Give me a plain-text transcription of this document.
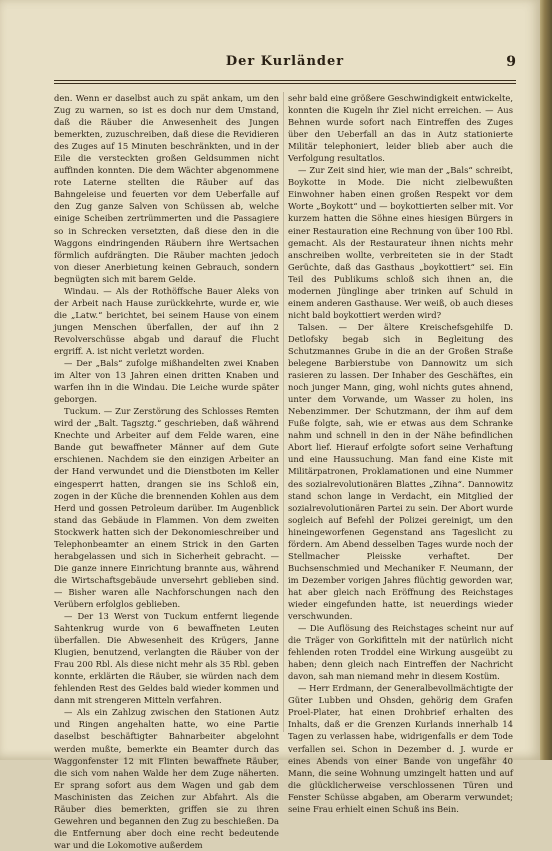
Der Kurländer	9

den. Wenn er daselbst auch zu spät ankam, um den Zug zu warnen, so ist es doch nur dem Umstand, daß die Räuber die Anwesenheit des Jungen bemerkten, zuzuschreiben, daß diese die Revidieren des Zuges auf 15 Minuten beschränkten, und in der Eile die versteckten großen Geldsummen nicht auffinden konnten. Die dem Wächter abgenommene rote Laterne stellten die Räuber auf das Bahngeleise und feuerten vor dem Ueberfalle auf den Zug ganze Salven von Schüssen ab, welche einige Scheiben zertrümmerten und die Passagiere so in Schrecken versetzten, daß diese den in die Waggons eindringenden Räubern ihre Wertsachen förmlich aufdrängten. Die Räuber machten jedoch von dieser Anerbietung keinen Gebrauch, sondern begnügten sich mit barem Gelde.

Windau. — Als der Rothöffsche Bauer Aleks von der Arbeit nach Hause zurückkehrte, wurde er, wie die „Latw.“ berichtet, bei seinem Hause von einem jungen Menschen überfallen, der auf ihn 2 Revolverschüsse abgab und darauf die Flucht ergriff. A. ist nicht verletzt worden.

— Der „Bals“ zufolge mißhandelten zwei Knaben im Alter von 13 Jahren einen dritten Knaben und warfen ihn in die Windau. Die Leiche wurde später geborgen.

Tuckum. — Zur Zerstörung des Schlosses Remten wird der „Balt. Tagsztg.“ geschrieben, daß während Knechte und Arbeiter auf dem Felde waren, eine Bande gut bewaffneter Männer auf dem Gute erschienen. Nachdem sie den einzigen Arbeiter an der Hand verwundet und die Dienstboten im Keller eingesperrt hatten, drangen sie ins Schloß ein, zogen in der Küche die brennenden Kohlen aus dem Herd und gossen Petroleum darüber. Im Augenblick stand das Gebäude in Flammen. Von dem zweiten Stockwerk hatten sich der Dekonomieschreiber und Telephonbeamter an einem Strick in den Garten herabgelassen und sich in Sicherheit gebracht. — Die ganze innere Einrichtung brannte aus, während die Wirtschaftsgebäude unversehrt geblieben sind. — Bisher waren alle Nachforschungen nach den Verübern erfolglos geblieben.

— Der 13 Werst von Tuckum entfernt liegende Sahtenkrug wurde von 6 bewaffneten Leuten überfallen. Die Abwesenheit des Krügers, Janne Klugien, benutzend, verlangten die Räuber von der Frau 200 Rbl. Als diese nicht mehr als 35 Rbl. geben konnte, erklärten die Räuber, sie würden nach dem fehlenden Rest des Geldes bald wieder kommen und dann mit strengeren Mitteln verfahren.

— Als ein Zahlzug zwischen den Stationen Autz und Ringen angehalten hatte, wo eine Partie daselbst beschäftigter Bahnarbeiter abgelohnt werden mußte, bemerkte ein Beamter durch das Waggonfenster 12 mit Flinten bewaffnete Räuber, die sich vom nahen Walde her dem Zuge näherten. Er sprang sofort aus dem Wagen und gab dem Maschinisten das Zeichen zur Abfahrt. Als die Räuber dies bemerkten, griffen sie zu ihren Gewehren und begannen den Zug zu beschießen. Da die Entfernung aber doch eine recht bedeutende war und die Lokomotive außerdem

sehr bald eine größere Geschwindigkeit entwickelte, konnten die Kugeln ihr Ziel nicht erreichen. — Aus Behnen wurde sofort nach Eintreffen des Zuges über den Ueberfall an das in Autz stationierte Militär telephoniert, leider blieb aber auch die Verfolgung resultatlos.

— Zur Zeit sind hier, wie man der „Bals“ schreibt, Boykotte in Mode. Die nicht zielbewußten Einwohner haben einen großen Respekt vor dem Worte „Boykott“ und — boykottierten selber mit. Vor kurzem hatten die Söhne eines hiesigen Bürgers in einer Restauration eine Rechnung von über 100 Rbl. gemacht. Als der Restaurateur ihnen nichts mehr anschreiben wollte, verbreiteten sie in der Stadt Gerüchte, daß das Gasthaus „boykottiert“ sei. Ein Teil des Publikums schloß sich ihnen an, die modernen Jünglinge aber trinken auf Schuld in einem anderen Gasthause. Wer weiß, ob auch dieses nicht bald boykottiert werden wird?

Talsen. — Der ältere Kreischefsgehilfe D. Detlofsky begab sich in Begleitung des Schutzmannes Grube in die an der Großen Straße belegene Barbierstube von Dannowitz um sich rasieren zu lassen. Der Inhaber des Geschäftes, ein noch junger Mann, ging, wohl nichts gutes ahnend, unter dem Vorwande, um Wasser zu holen, ins Nebenzimmer. Der Schutzmann, der ihm auf dem Fuße folgte, sah, wie er etwas aus dem Schranke nahm und schnell in den in der Nähe befindlichen Abort lief. Hierauf erfolgte sofort seine Verhaftung und eine Haussuchung. Man fand eine Kiste mit Militärpatronen, Proklamationen und eine Nummer des sozialrevolutionären Blattes „Zihna“. Dannowitz stand schon lange in Verdacht, ein Mitglied der sozialrevolutionären Partei zu sein. Der Abort wurde sogleich auf Befehl der Polizei gereinigt, um den hineingeworfenen Gegenstand ans Tageslicht zu fördern. Am Abend desselben Tages wurde noch der Stellmacher Pleisske verhaftet. Der Buchsenschmied und Mechaniker F. Neumann, der im Dezember vorigen Jahres flüchtig geworden war, hat aber gleich nach Eröffnung des Reichstages wieder eingefunden hatte, ist neuerdings wieder verschwunden.

— Die Auflösung des Reichstages scheint nur auf die Träger von Gorkifitteln mit der natürlich nicht fehlenden roten Troddel eine Wirkung ausgeübt zu haben; denn gleich nach Eintreffen der Nachricht davon, sah man niemand mehr in diesem Kostüm.

— Herr Erdmann, der Generalbevollmächtigte der Güter Lubben und Ohsden, gehörig dem Grafen Proel-Plater, hat einen Drohbrief erhalten des Inhalts, daß er die Grenzen Kurlands innerhalb 14 Tagen zu verlassen habe, widrigenfalls er dem Tode verfallen sei. Schon in Dezember d. J. wurde er eines Abends von einer Bande von ungefähr 40 Mann, die seine Wohnung umzingelt hatten und auf die glücklicherweise verschlossenen Türen und Fenster Schüsse abgaben, am Oberarm verwundet; seine Frau erhielt einen Schuß ins Bein.
